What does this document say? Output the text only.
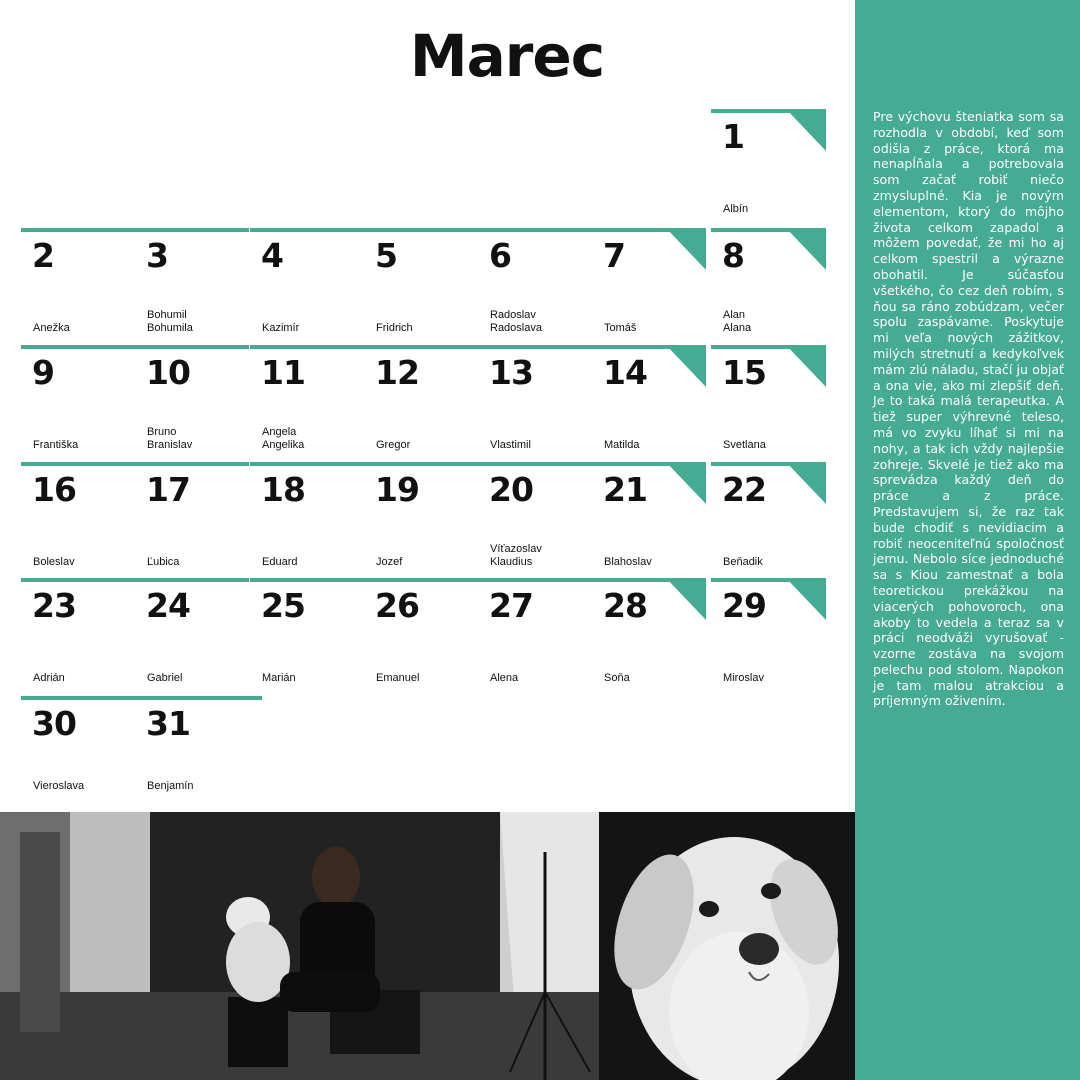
Marec
1
Albín
2
Anežka
3
Bohumil
Bohumila
4
Kazimír
5
Fridrich
6
Radoslav
Radoslava
7
Tomáš
8
Alan
Alana
9
Františka
10
Bruno
Branislav
11
Angela
Angelika
12
Gregor
13
Vlastimil
14
Matilda
15
Svetlana
16
Boleslav
17
Ľubica
18
Eduard
19
Jozef
20
Víťazoslav
Klaudius
21
Blahoslav
22
Beňadik
23
Adrián
24
Gabriel
25
Marián
26
Emanuel
27
Alena
28
Soňa
29
Miroslav
30
Vieroslava
31
Benjamín
Pre výchovu šteniatka som sa rozhodla v období, keď som odišla z práce, ktorá ma nenapĺňala a potrebovala som začať robiť niečo zmysluplné. Kia je novým elementom, ktorý do môjho života celkom zapadol a môžem povedať, že mi ho aj celkom spestril a výrazne obohatil. Je súčasťou všetkého, čo cez deň robím, s ňou sa ráno zobúdzam, večer spolu zaspávame. Poskytuje mi veľa nových zážitkov, milých stretnutí a kedykoľvek mám zlú náladu, stačí ju objať a ona vie, ako mi zlepšiť deň. Je to taká malá terapeutka. A tiež super výhrevné teleso, má vo zvyku líhať si mi na nohy, a tak ich vždy najlepšie zohreje. Skvelé je tiež ako ma sprevádza každý deň do práce a z práce. Predstavujem si, že raz tak bude chodiť s nevidiacim a robiť neoceniteľnú spoločnosť jemu. Nebolo síce jednoduché sa s Kiou zamestnať a bola teoretickou prekážkou na viacerých pohovoroch, ona akoby to vedela a teraz sa v práci neodváži vyrušovať - vzorne zostáva na svojom pelechu pod stolom. Napokon je tam malou atrakciou a príjemným oživením.
